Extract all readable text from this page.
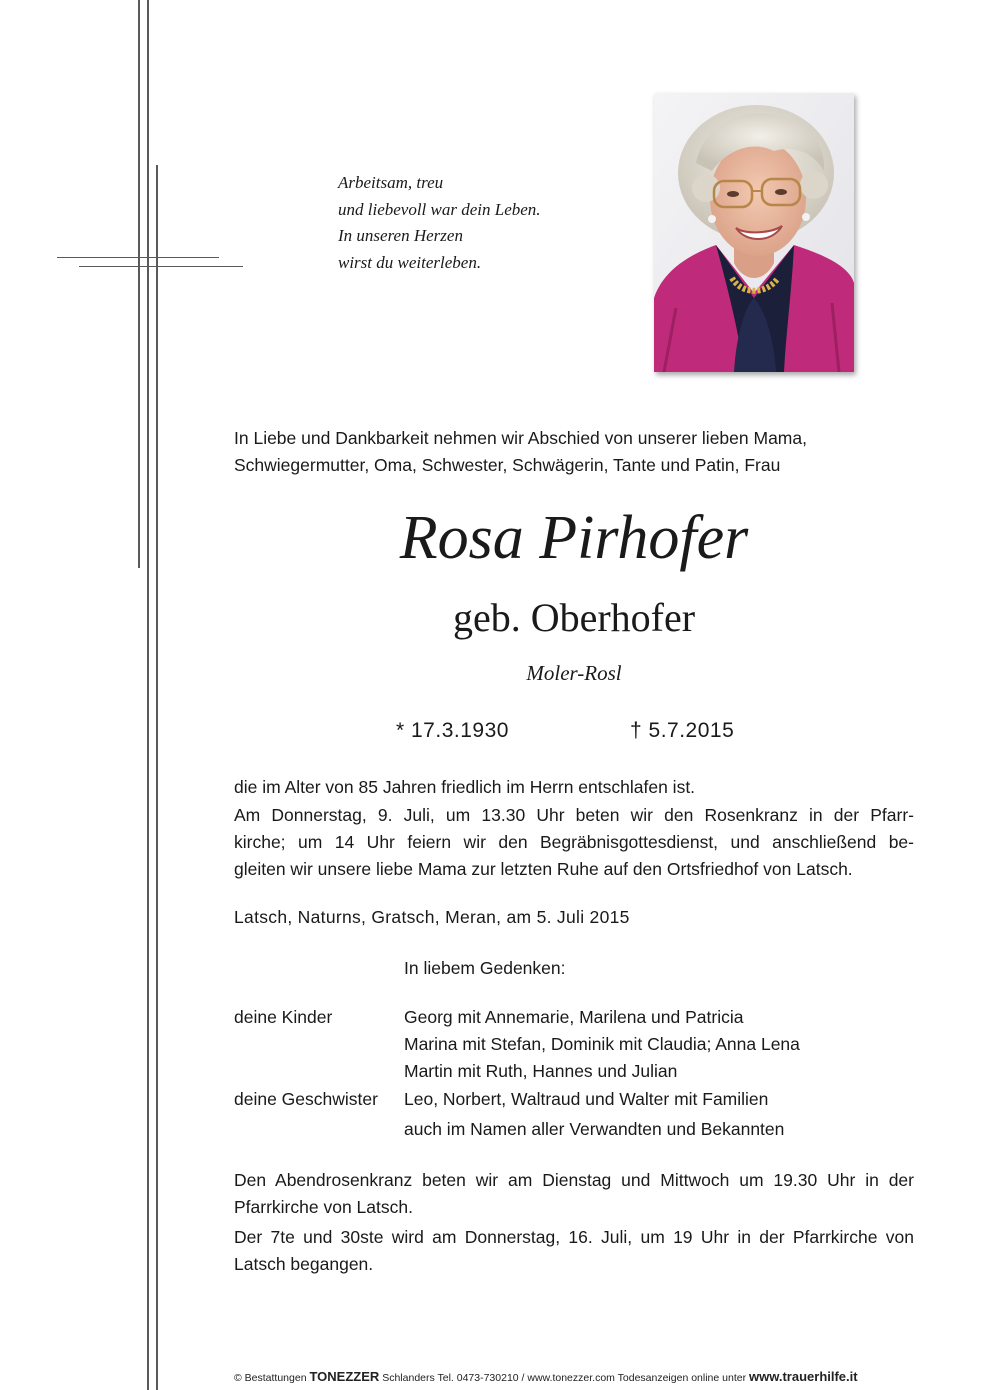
Arbeitsam, treu
und liebevoll war dein Leben.
In unseren Herzen
wirst du weiterleben.
In Liebe und Dankbarkeit nehmen wir Abschied von unserer lieben Mama,
Schwiegermutter, Oma, Schwester, Schwägerin, Tante und Patin, Frau
Rosa Pirhofer
geb. Oberhofer
Moler-Rosl
* 17.3.1930	† 5.7.2015
die im Alter von 85 Jahren friedlich im Herrn entschlafen ist.
Am Donnerstag, 9. Juli, um 13.30 Uhr beten wir den Rosenkranz in der Pfarr-
kirche; um 14 Uhr feiern wir den Begräbnisgottesdienst, und anschließend be-
gleiten wir unsere liebe Mama zur letzten Ruhe auf den Ortsfriedhof von Latsch.
Latsch, Naturns, Gratsch, Meran, am 5. Juli 2015
In liebem Gedenken:
deine Kinder	Georg mit Annemarie, Marilena und Patricia
Marina mit Stefan, Dominik mit Claudia; Anna Lena
Martin mit Ruth, Hannes und Julian
deine Geschwister Leo, Norbert, Waltraud und Walter mit Familien
auch im Namen aller Verwandten und Bekannten
Den Abendrosenkranz beten wir am Dienstag und Mittwoch um 19.30 Uhr in der
Pfarrkirche von Latsch.
Der 7te und 30ste wird am Donnerstag, 16. Juli, um 19 Uhr in der Pfarrkirche von
Latsch begangen.
© Bestattungen TONEZZER Schlanders Tel. 0473-730210 / www.tonezzer.com Todesanzeigen online unter www.trauerhilfe.it
